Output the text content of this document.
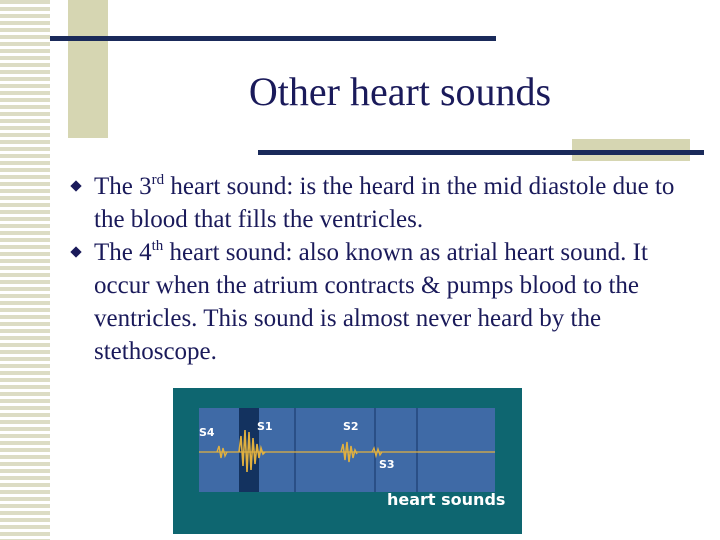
Other heart sounds
The 3rd heart sound: is the heard in the mid diastole due to the blood that fills the ventricles.
The 4th heart sound: also known as atrial heart sound. It occur when the atrium contracts & pumps blood to the ventricles. This sound is almost never heard by the stethoscope.
S4	S1	S2
S3
heart sounds
